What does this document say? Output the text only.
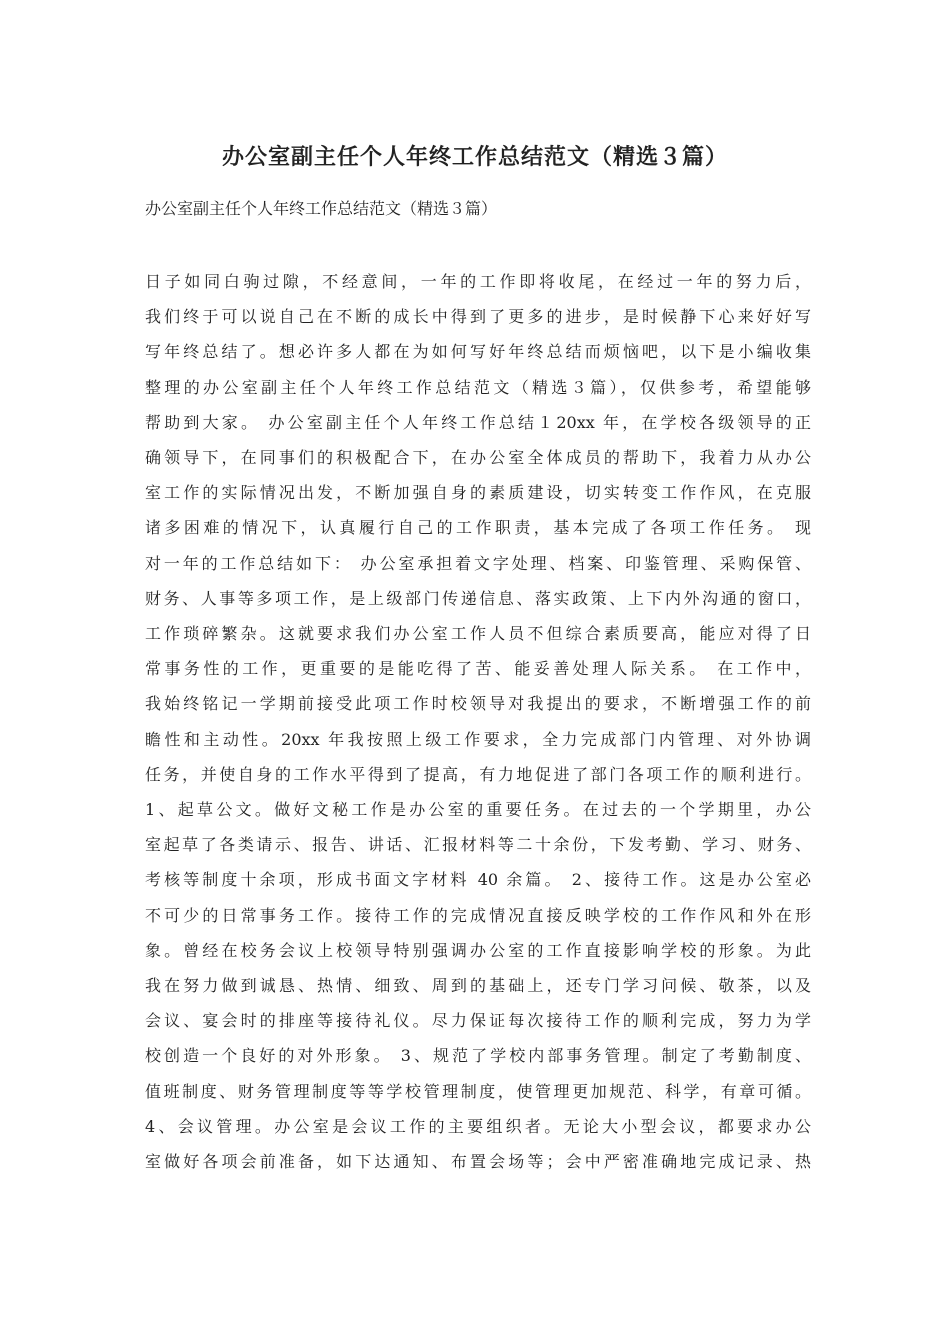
办公室副主任个人年终工作总结范文（精选３篇）

办公室副主任个人年终工作总结范文（精选３篇）

日子如同白驹过隙，不经意间，一年的工作即将收尾，在经过一年的努力后，
我们终于可以说自己在不断的成长中得到了更多的进步，是时候静下心来好好写
写年终总结了。想必许多人都在为如何写好年终总结而烦恼吧，以下是小编收集
整理的办公室副主任个人年终工作总结范文（精选３篇），仅供参考，希望能够
帮助到大家。 办公室副主任个人年终工作总结１20xx 年，在学校各级领导的正
确领导下，在同事们的积极配合下，在办公室全体成员的帮助下，我着力从办公
室工作的实际情况出发，不断加强自身的素质建设，切实转变工作作风，在克服
诸多困难的情况下，认真履行自己的工作职责，基本完成了各项工作任务。 现
对一年的工作总结如下： 办公室承担着文字处理、档案、印鉴管理、采购保管、
财务、人事等多项工作，是上级部门传递信息、落实政策、上下内外沟通的窗口，
工作琐碎繁杂。这就要求我们办公室工作人员不但综合素质要高，能应对得了日
常事务性的工作，更重要的是能吃得了苦、能妥善处理人际关系。 在工作中，
我始终铭记一学期前接受此项工作时校领导对我提出的要求，不断增强工作的前
瞻性和主动性。20xx 年我按照上级工作要求，全力完成部门内管理、对外协调
任务，并使自身的工作水平得到了提高，有力地促进了部门各项工作的顺利进行。
1、起草公文。做好文秘工作是办公室的重要任务。在过去的一个学期里，办公
室起草了各类请示、报告、讲话、汇报材料等二十余份，下发考勤、学习、财务、
考核等制度十余项，形成书面文字材料 40 余篇。 2、接待工作。这是办公室必
不可少的日常事务工作。接待工作的完成情况直接反映学校的工作作风和外在形
象。曾经在校务会议上校领导特别强调办公室的工作直接影响学校的形象。为此
我在努力做到诚恳、热情、细致、周到的基础上，还专门学习问候、敬茶，以及
会议、宴会时的排座等接待礼仪。尽力保证每次接待工作的顺利完成，努力为学
校创造一个良好的对外形象。 3、规范了学校内部事务管理。制定了考勤制度、
值班制度、财务管理制度等等学校管理制度，使管理更加规范、科学，有章可循。
4、会议管理。办公室是会议工作的主要组织者。无论大小型会议，都要求办公
室做好各项会前准备，如下达通知、布置会场等；会中严密准确地完成记录、热
